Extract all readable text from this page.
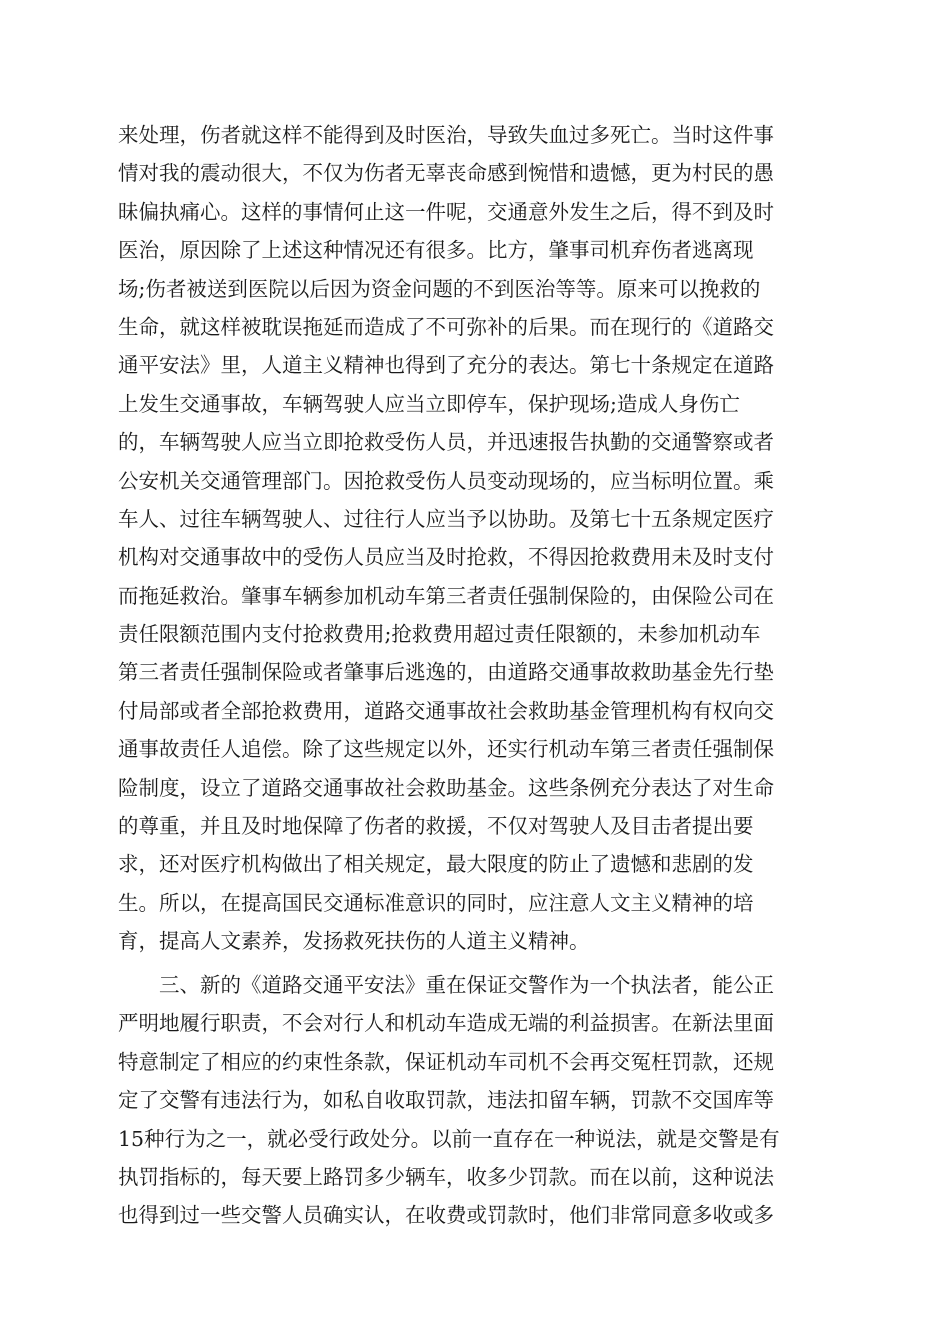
来处理，伤者就这样不能得到及时医治，导致失血过多死亡。当时这件事
情对我的震动很大，不仅为伤者无辜丧命感到惋惜和遗憾，更为村民的愚
昧偏执痛心。这样的事情何止这一件呢，交通意外发生之后，得不到及时
医治，原因除了上述这种情况还有很多。比方，肇事司机弃伤者逃离现
场;伤者被送到医院以后因为资金问题的不到医治等等。原来可以挽救的
生命，就这样被耽误拖延而造成了不可弥补的后果。而在现行的《道路交
通平安法》里，人道主义精神也得到了充分的表达。第七十条规定在道路
上发生交通事故，车辆驾驶人应当立即停车，保护现场;造成人身伤亡
的，车辆驾驶人应当立即抢救受伤人员，并迅速报告执勤的交通警察或者
公安机关交通管理部门。因抢救受伤人员变动现场的，应当标明位置。乘
车人、过往车辆驾驶人、过往行人应当予以协助。及第七十五条规定医疗
机构对交通事故中的受伤人员应当及时抢救，不得因抢救费用未及时支付
而拖延救治。肇事车辆参加机动车第三者责任强制保险的，由保险公司在
责任限额范围内支付抢救费用;抢救费用超过责任限额的，未参加机动车
第三者责任强制保险或者肇事后逃逸的，由道路交通事故救助基金先行垫
付局部或者全部抢救费用，道路交通事故社会救助基金管理机构有权向交
通事故责任人追偿。除了这些规定以外，还实行机动车第三者责任强制保
险制度，设立了道路交通事故社会救助基金。这些条例充分表达了对生命
的尊重，并且及时地保障了伤者的救援，不仅对驾驶人及目击者提出要
求，还对医疗机构做出了相关规定，最大限度的防止了遗憾和悲剧的发
生。所以，在提高国民交通标准意识的同时，应注意人文主义精神的培
育，提高人文素养，发扬救死扶伤的人道主义精神。
　　三、新的《道路交通平安法》重在保证交警作为一个执法者，能公正
严明地履行职责，不会对行人和机动车造成无端的利益损害。在新法里面
特意制定了相应的约束性条款，保证机动车司机不会再交冤枉罚款，还规
定了交警有违法行为，如私自收取罚款，违法扣留车辆，罚款不交国库等
15种行为之一，就必受行政处分。以前一直存在一种说法，就是交警是有
执罚指标的，每天要上路罚多少辆车，收多少罚款。而在以前，这种说法
也得到过一些交警人员确实认，在收费或罚款时，他们非常同意多收或多
